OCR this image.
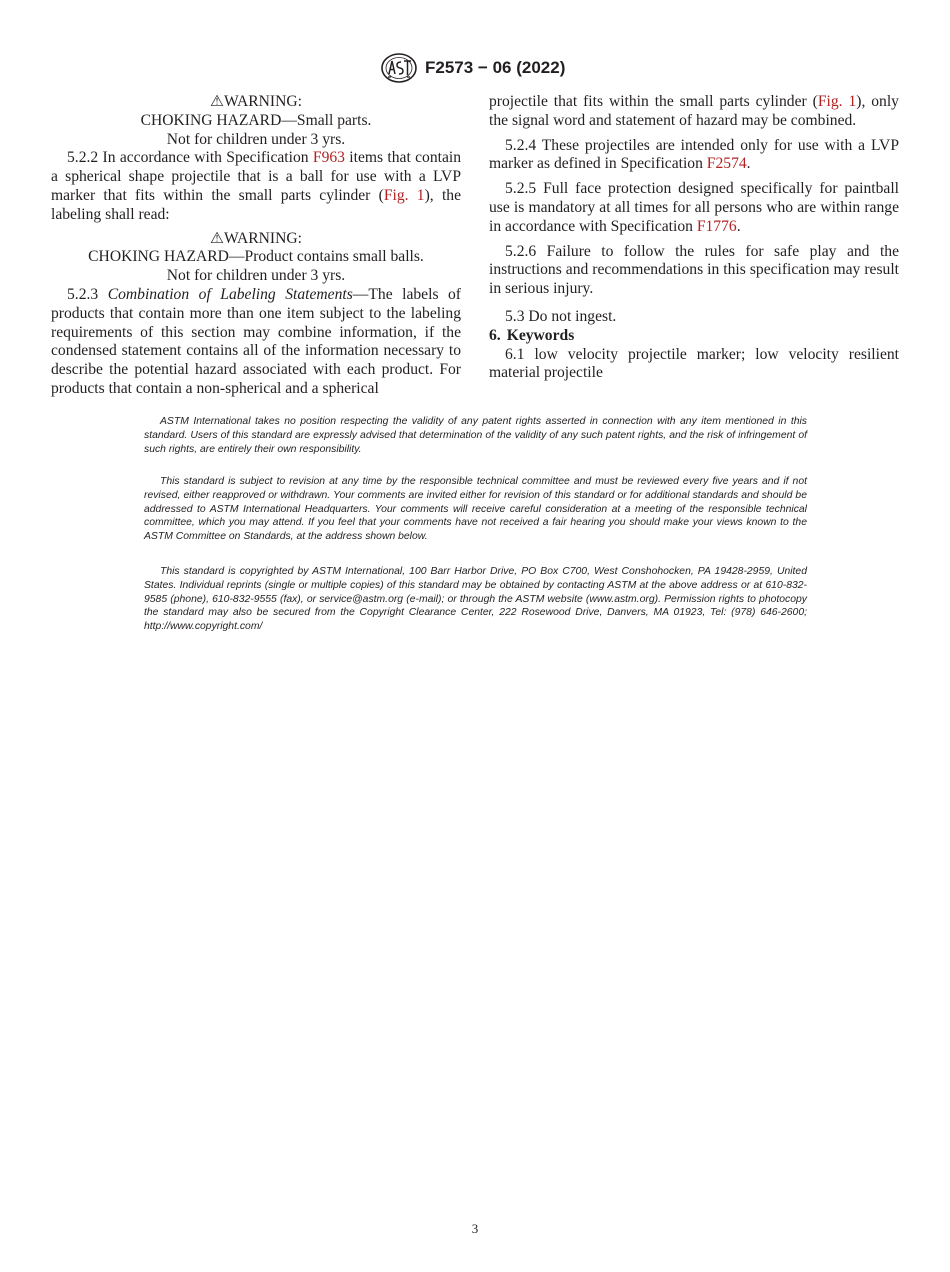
F2573 − 06 (2022)

⚠WARNING:

CHOKING HAZARD—Small parts.

Not for children under 3 yrs.

5.2.2 In accordance with Specification F963 items that contain a spherical shape projectile that is a ball for use with a LVP marker that fits within the small parts cylinder (Fig. 1), the labeling shall read:

⚠WARNING:

CHOKING HAZARD—Product contains small balls.

Not for children under 3 yrs.

5.2.3 Combination of Labeling Statements—The labels of products that contain more than one item subject to the labeling requirements of this section may combine information, if the condensed statement contains all of the information necessary to describe the potential hazard associated with each product. For products that contain a non-spherical and a spherical

projectile that fits within the small parts cylinder (Fig. 1), only the signal word and statement of hazard may be combined.

5.2.4 These projectiles are intended only for use with a LVP marker as defined in Specification F2574.

5.2.5 Full face protection designed specifically for paintball use is mandatory at all times for all persons who are within range in accordance with Specification F1776.

5.2.6 Failure to follow the rules for safe play and the instructions and recommendations in this specification may result in serious injury.

5.3 Do not ingest.

6. Keywords

6.1 low velocity projectile marker; low velocity resilient material projectile

ASTM International takes no position respecting the validity of any patent rights asserted in connection with any item mentioned in this standard. Users of this standard are expressly advised that determination of the validity of any such patent rights, and the risk of infringement of such rights, are entirely their own responsibility.

This standard is subject to revision at any time by the responsible technical committee and must be reviewed every five years and if not revised, either reapproved or withdrawn. Your comments are invited either for revision of this standard or for additional standards and should be addressed to ASTM International Headquarters. Your comments will receive careful consideration at a meeting of the responsible technical committee, which you may attend. If you feel that your comments have not received a fair hearing you should make your views known to the ASTM Committee on Standards, at the address shown below.

This standard is copyrighted by ASTM International, 100 Barr Harbor Drive, PO Box C700, West Conshohocken, PA 19428-2959, United States. Individual reprints (single or multiple copies) of this standard may be obtained by contacting ASTM at the above address or at 610-832-9585 (phone), 610-832-9555 (fax), or service@astm.org (e-mail); or through the ASTM website (www.astm.org). Permission rights to photocopy the standard may also be secured from the Copyright Clearance Center, 222 Rosewood Drive, Danvers, MA 01923, Tel: (978) 646-2600; http://www.copyright.com/

3
